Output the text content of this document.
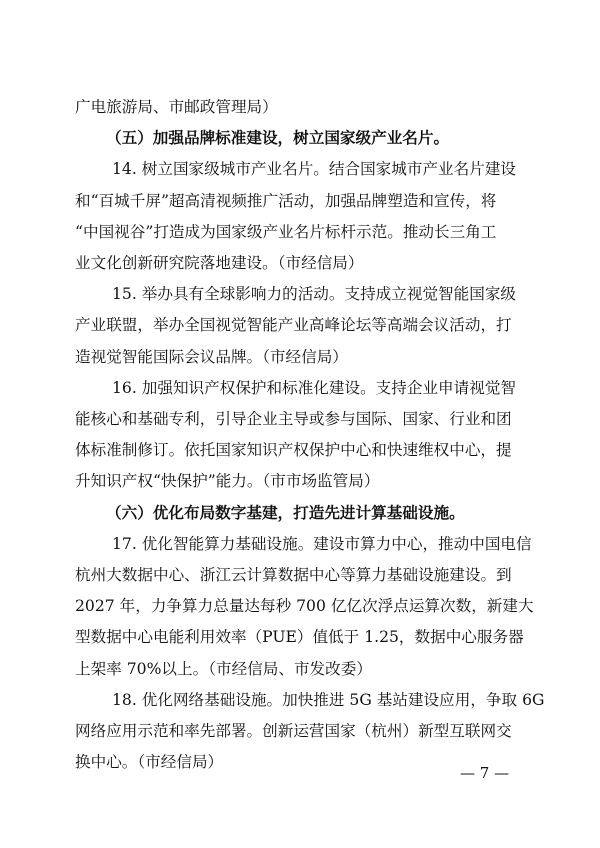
广电旅游局、市邮政管理局）
（五）加强品牌标准建设，树立国家级产业名片。
14. 树立国家级城市产业名片。结合国家城市产业名片建设
和“百城千屏”超高清视频推广活动，加强品牌塑造和宣传，将
“中国视谷”打造成为国家级产业名片标杆示范。推动长三角工
业文化创新研究院落地建设。（市经信局）
15. 举办具有全球影响力的活动。支持成立视觉智能国家级
产业联盟，举办全国视觉智能产业高峰论坛等高端会议活动，打
造视觉智能国际会议品牌。（市经信局）
16. 加强知识产权保护和标准化建设。支持企业申请视觉智
能核心和基础专利，引导企业主导或参与国际、国家、行业和团
体标准制修订。依托国家知识产权保护中心和快速维权中心，提
升知识产权“快保护”能力。（市市场监管局）
（六）优化布局数字基建，打造先进计算基础设施。
17. 优化智能算力基础设施。建设市算力中心，推动中国电信
杭州大数据中心、浙江云计算数据中心等算力基础设施建设。到
2027 年，力争算力总量达每秒 700 亿亿次浮点运算次数，新建大
型数据中心电能利用效率（PUE）值低于 1.25，数据中心服务器
上架率 70%以上。（市经信局、市发改委）
18. 优化网络基础设施。加快推进 5G 基站建设应用，争取 6G
网络应用示范和率先部署。创新运营国家（杭州）新型互联网交
换中心。（市经信局）
— 7 —
